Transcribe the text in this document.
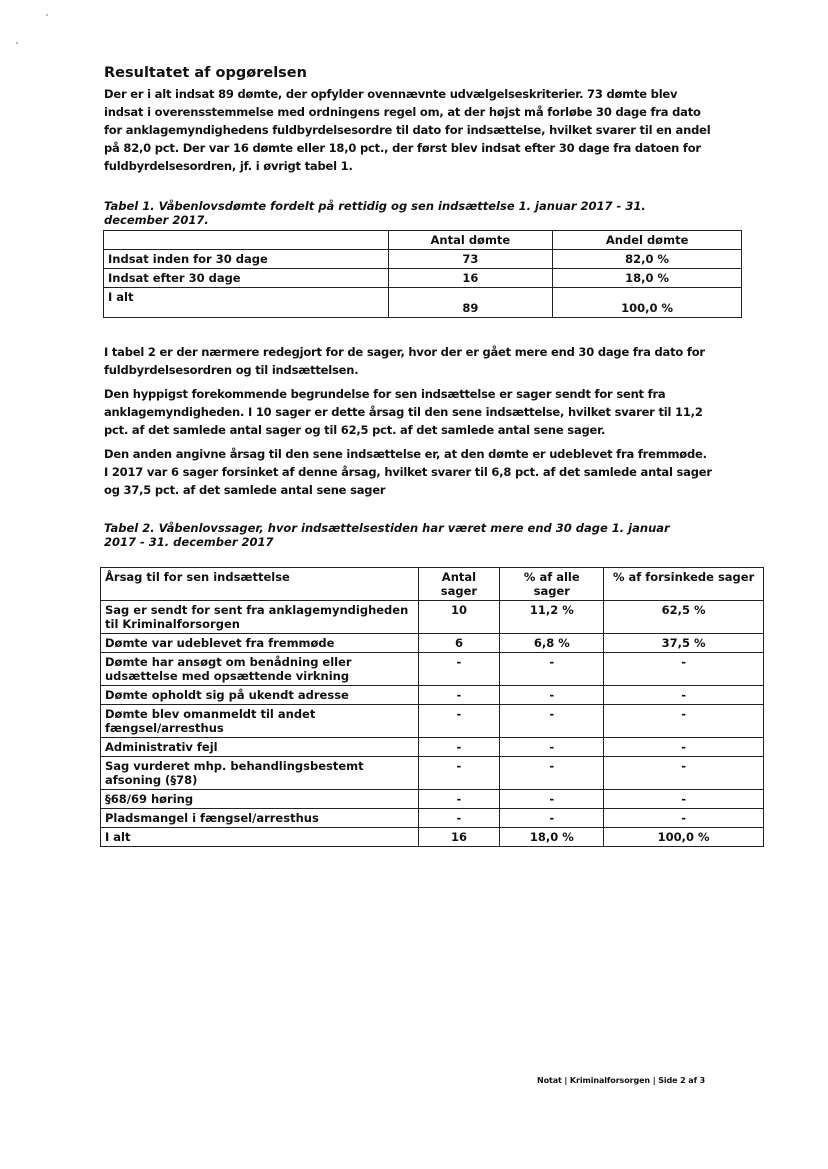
Resultatet af opgørelsen

Der er i alt indsat 89 dømte, der opfylder ovennævnte udvælgelseskriterier. 73 dømte blev indsat i overensstemmelse med ordningens regel om, at der højst må forløbe 30 dage fra dato for anklagemyndighedens fuldbyrdelsesordre til dato for indsættelse, hvilket svarer til en andel på 82,0 pct. Der var 16 dømte eller 18,0 pct., der først blev indsat efter 30 dage fra datoen for fuldbyrdelsesordren, jf. i øvrigt tabel 1.

Tabel 1. Våbenlovsdømte fordelt på rettidig og sen indsættelse 1. januar 2017 - 31. december 2017.
	Antal dømte	Andel dømte
Indsat inden for 30 dage	73	82,0 %
Indsat efter 30 dage	16	18,0 %
I alt	89	100,0 %

I tabel 2 er der nærmere redegjort for de sager, hvor der er gået mere end 30 dage fra dato for fuldbyrdelsesordren og til indsættelsen.

Den hyppigst forekommende begrundelse for sen indsættelse er sager sendt for sent fra anklagemyndigheden. I 10 sager er dette årsag til den sene indsættelse, hvilket svarer til 11,2 pct. af det samlede antal sager og til 62,5 pct. af det samlede antal sene sager.

Den anden angivne årsag til den sene indsættelse er, at den dømte er udeblevet fra fremmøde. I 2017 var 6 sager forsinket af denne årsag, hvilket svarer til 6,8 pct. af det samlede antal sager og 37,5 pct. af det samlede antal sene sager

Tabel 2. Våbenlovssager, hvor indsættelsestiden har været mere end 30 dage 1. januar 2017 - 31. december 2017
Årsag til for sen indsættelse	Antal sager	% af alle sager	% af forsinkede sager
Sag er sendt for sent fra anklagemyndigheden til Kriminalforsorgen	10	11,2 %	62,5 %
Dømte var udeblevet fra fremmøde	6	6,8 %	37,5 %
Dømte har ansøgt om benådning eller udsættelse med opsættende virkning	-	-	-
Dømte opholdt sig på ukendt adresse	-	-	-
Dømte blev omanmeldt til andet fængsel/arresthus	-	-	-
Administrativ fejl	-	-	-
Sag vurderet mhp. behandlingsbestemt afsoning (§78)	-	-	-
§68/69 høring	-	-	-
Pladsmangel i fængsel/arresthus	-	-	-
I alt	16	18,0 %	100,0 %
Notat | Kriminalforsorgen | Side 2 af 3
